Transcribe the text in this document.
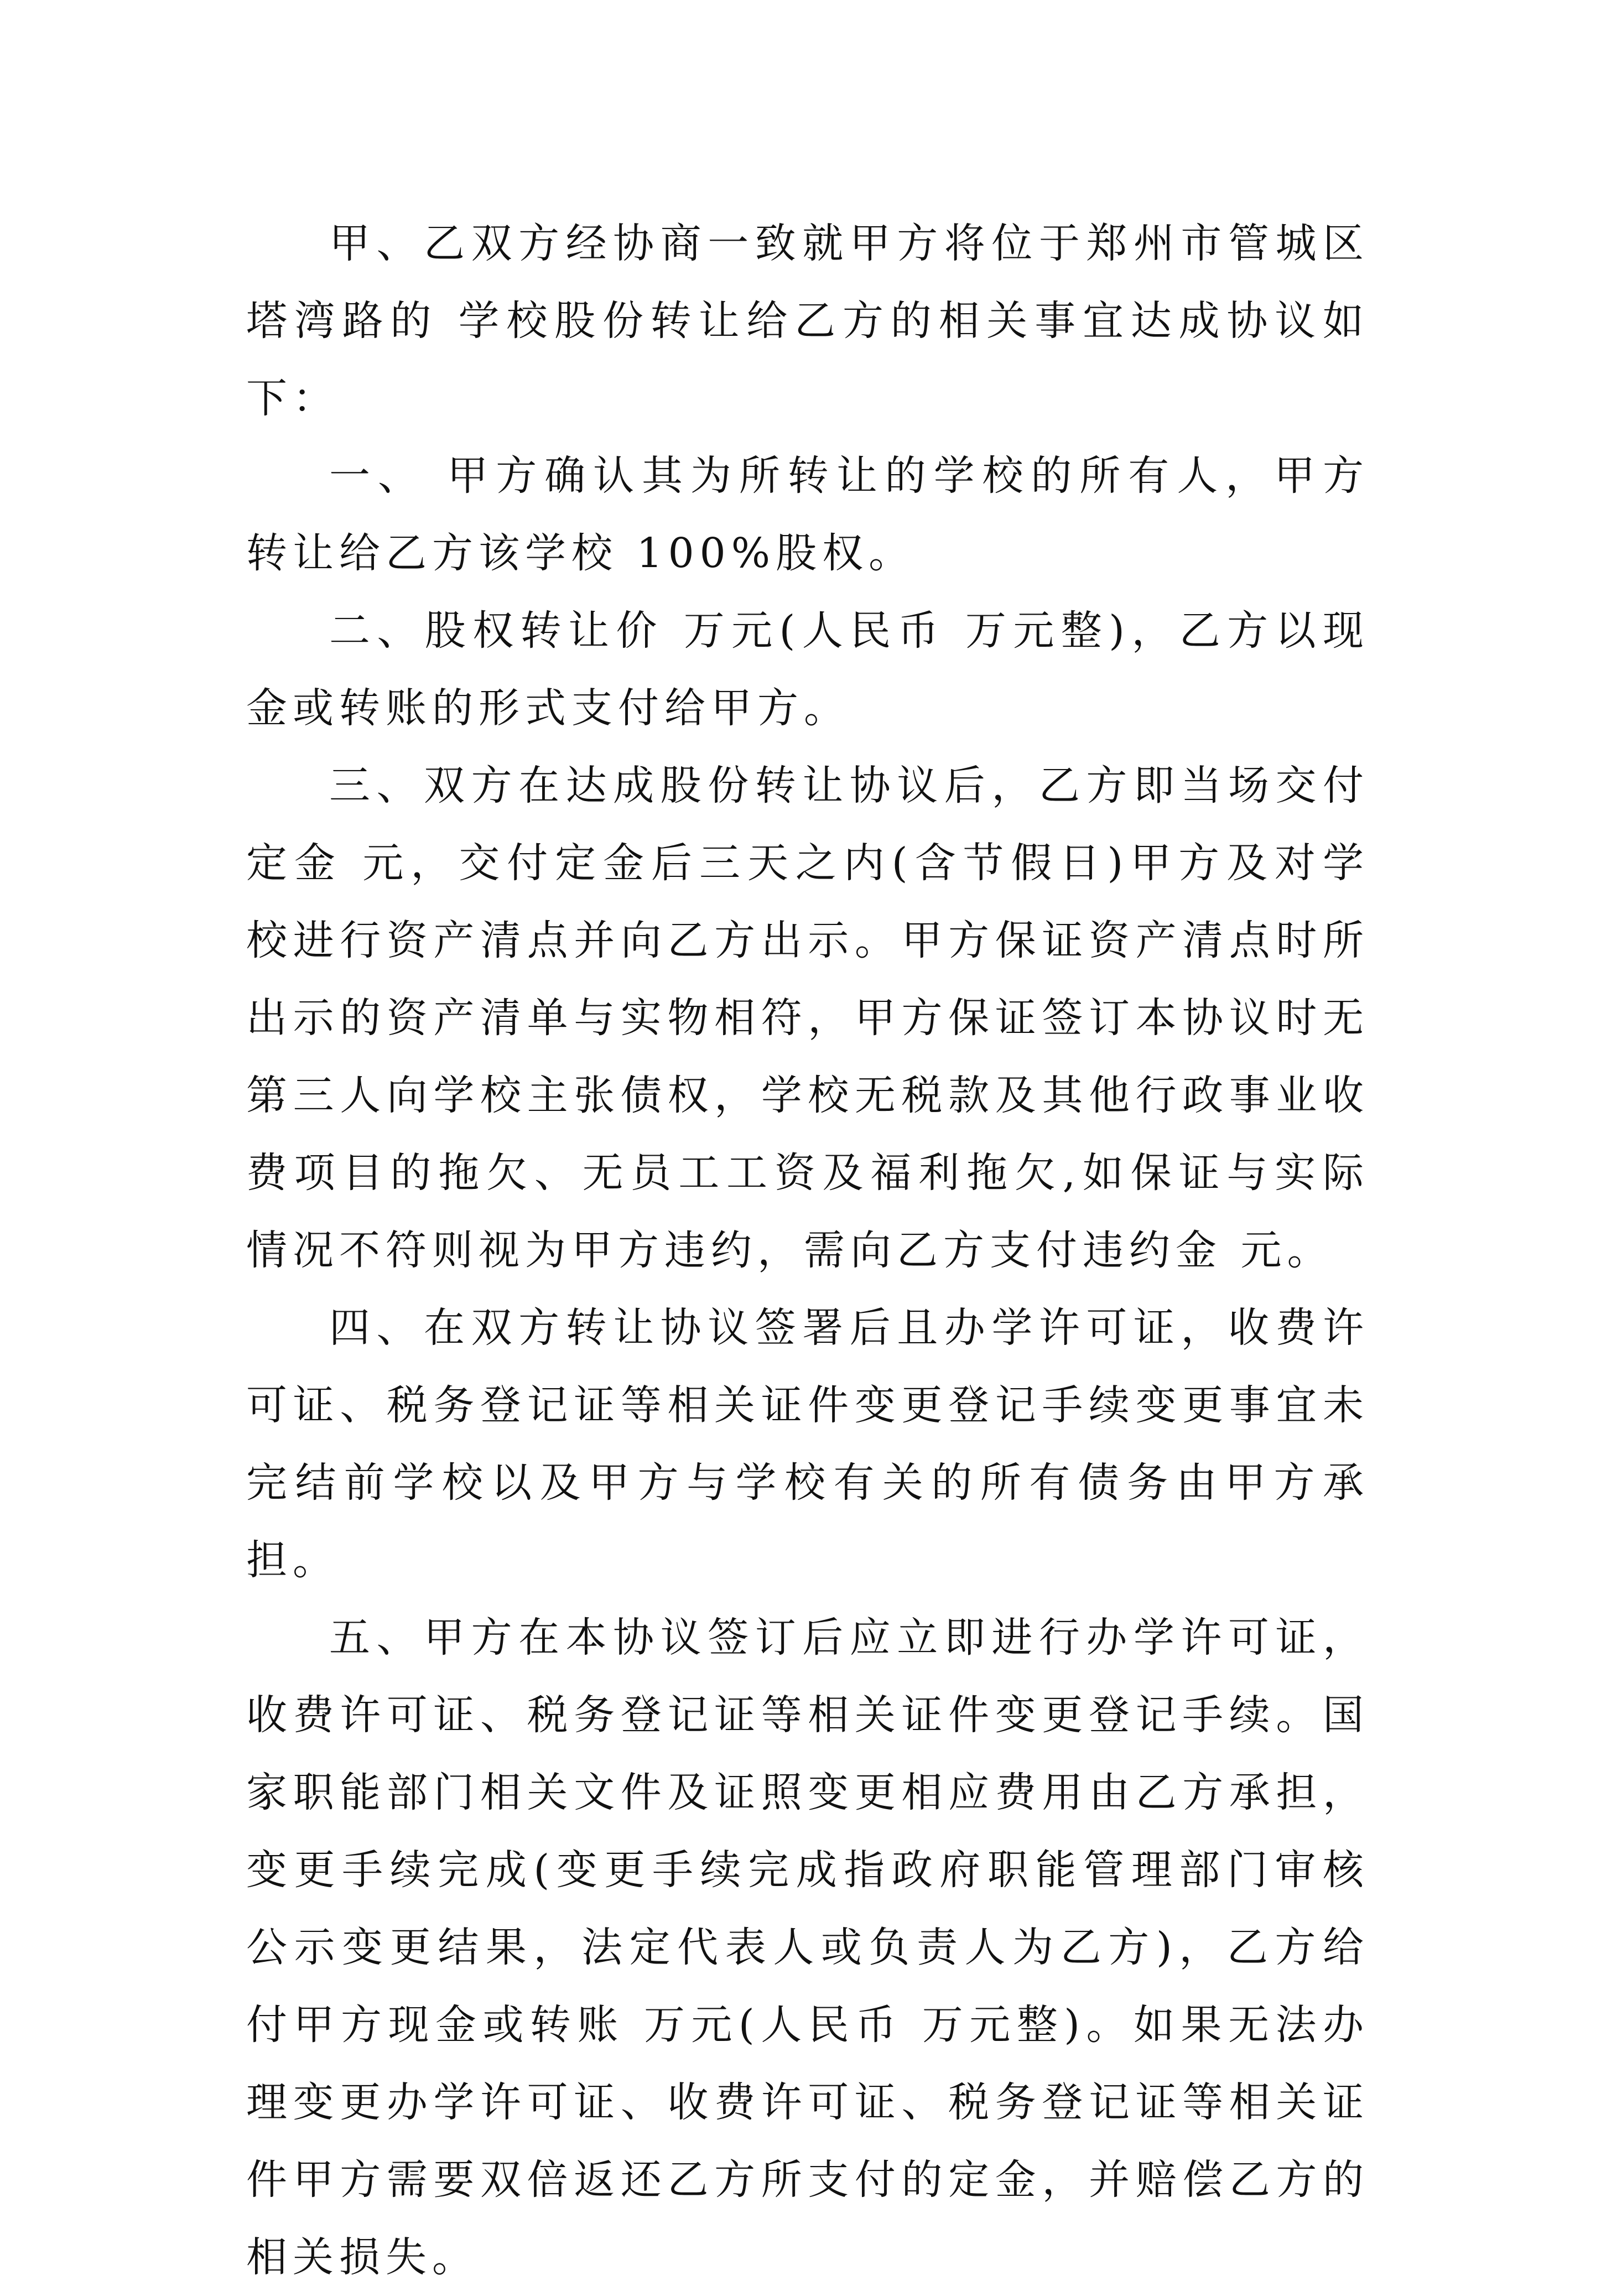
甲、乙双方经协商一致就甲方将位于郑州市管城区塔湾路的 学校股份转让给乙方的相关事宜达成协议如下：

一、 甲方确认其为所转让的学校的所有人，甲方转让给乙方该学校 100%股权。

二、股权转让价 万元(人民币 万元整)，乙方以现金或转账的形式支付给甲方。

三、双方在达成股份转让协议后，乙方即当场交付定金 元，交付定金后三天之内(含节假日)甲方及对学校进行资产清点并向乙方出示。甲方保证资产清点时所出示的资产清单与实物相符，甲方保证签订本协议时无第三人向学校主张债权，学校无税款及其他行政事业收费项目的拖欠、无员工工资及福利拖欠,如保证与实际情况不符则视为甲方违约，需向乙方支付违约金 元。

四、在双方转让协议签署后且办学许可证，收费许可证、税务登记证等相关证件变更登记手续变更事宜未完结前学校以及甲方与学校有关的所有债务由甲方承担。

五、甲方在本协议签订后应立即进行办学许可证，收费许可证、税务登记证等相关证件变更登记手续。国家职能部门相关文件及证照变更相应费用由乙方承担，变更手续完成(变更手续完成指政府职能管理部门审核公示变更结果，法定代表人或负责人为乙方)，乙方给付甲方现金或转账 万元(人民币 万元整)。如果无法办理变更办学许可证、收费许可证、税务登记证等相关证件甲方需要双倍返还乙方所支付的定金，并赔偿乙方的相关损失。
